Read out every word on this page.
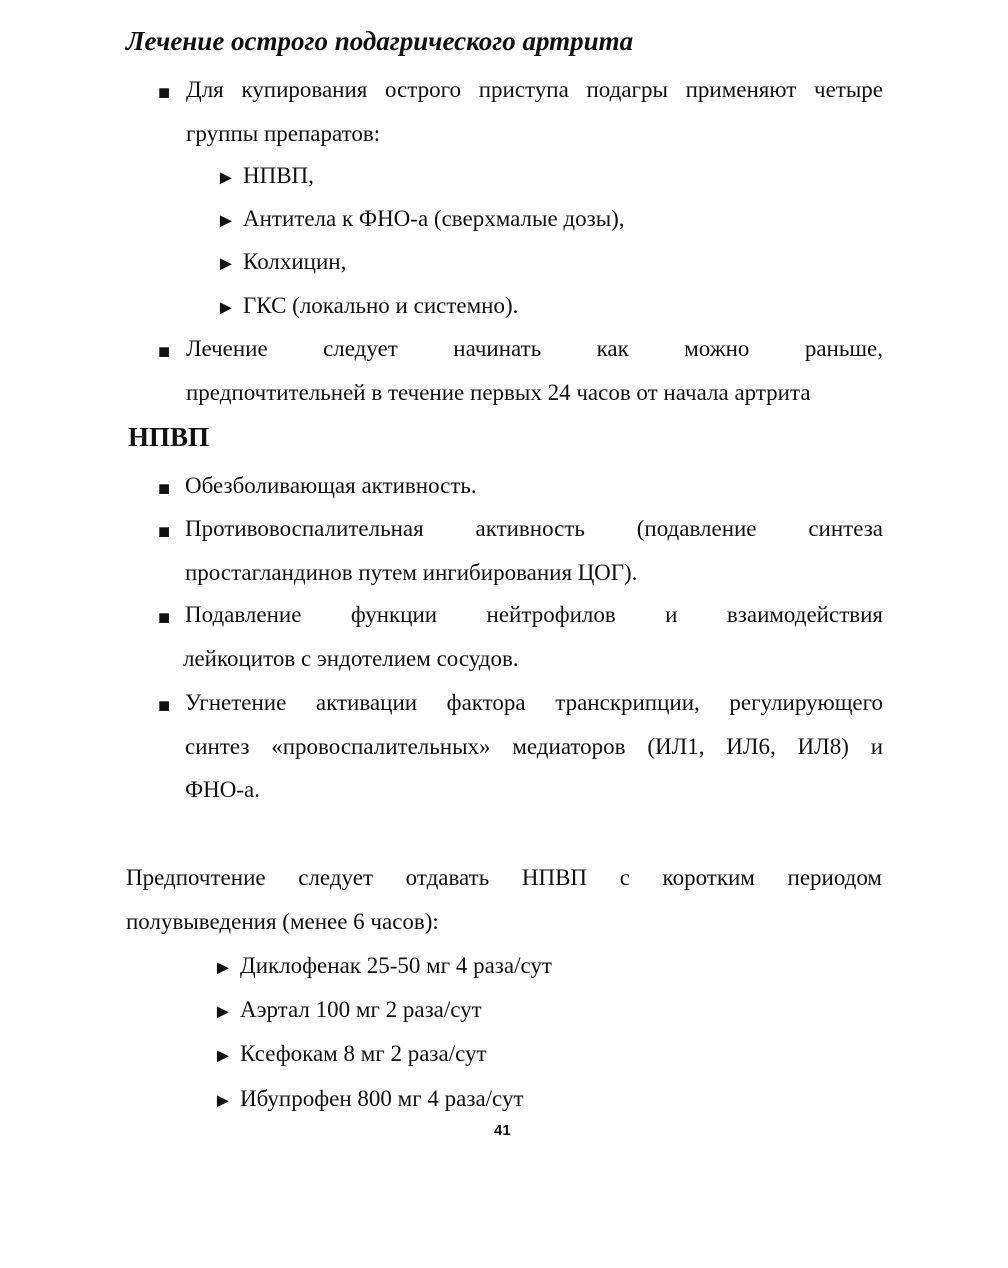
Лечение острого подагрического артрита
■ Для купирования острого приступа подагры применяют четыре
группы препаратов:
► НПВП,
► Антитела к ФНО-а (сверхмалые дозы),
► Колхицин,
► ГКС (локально и системно).
■ Лечение следует начинать как можно раньше,
предпочтительней в течение первых 24 часов от начала артрита
НПВП
■ Обезболивающая активность.
■ Противовоспалительная активность (подавление синтеза
простагландинов путем ингибирования ЦОГ).
■ Подавление функции нейтрофилов и взаимодействия
лейкоцитов с эндотелием сосудов.
■ Угнетение активации фактора транскрипции, регулирующего
синтез «провоспалительных» медиаторов (ИЛ1, ИЛ6, ИЛ8) и
ФНО-а.
Предпочтение следует отдавать НПВП с коротким периодом
полувыведения (менее 6 часов):
► Диклофенак 25-50 мг 4 раза/сут
► Аэртал 100 мг 2 раза/сут
► Ксефокам 8 мг 2 раза/сут
► Ибупрофен 800 мг 4 раза/сут
41
